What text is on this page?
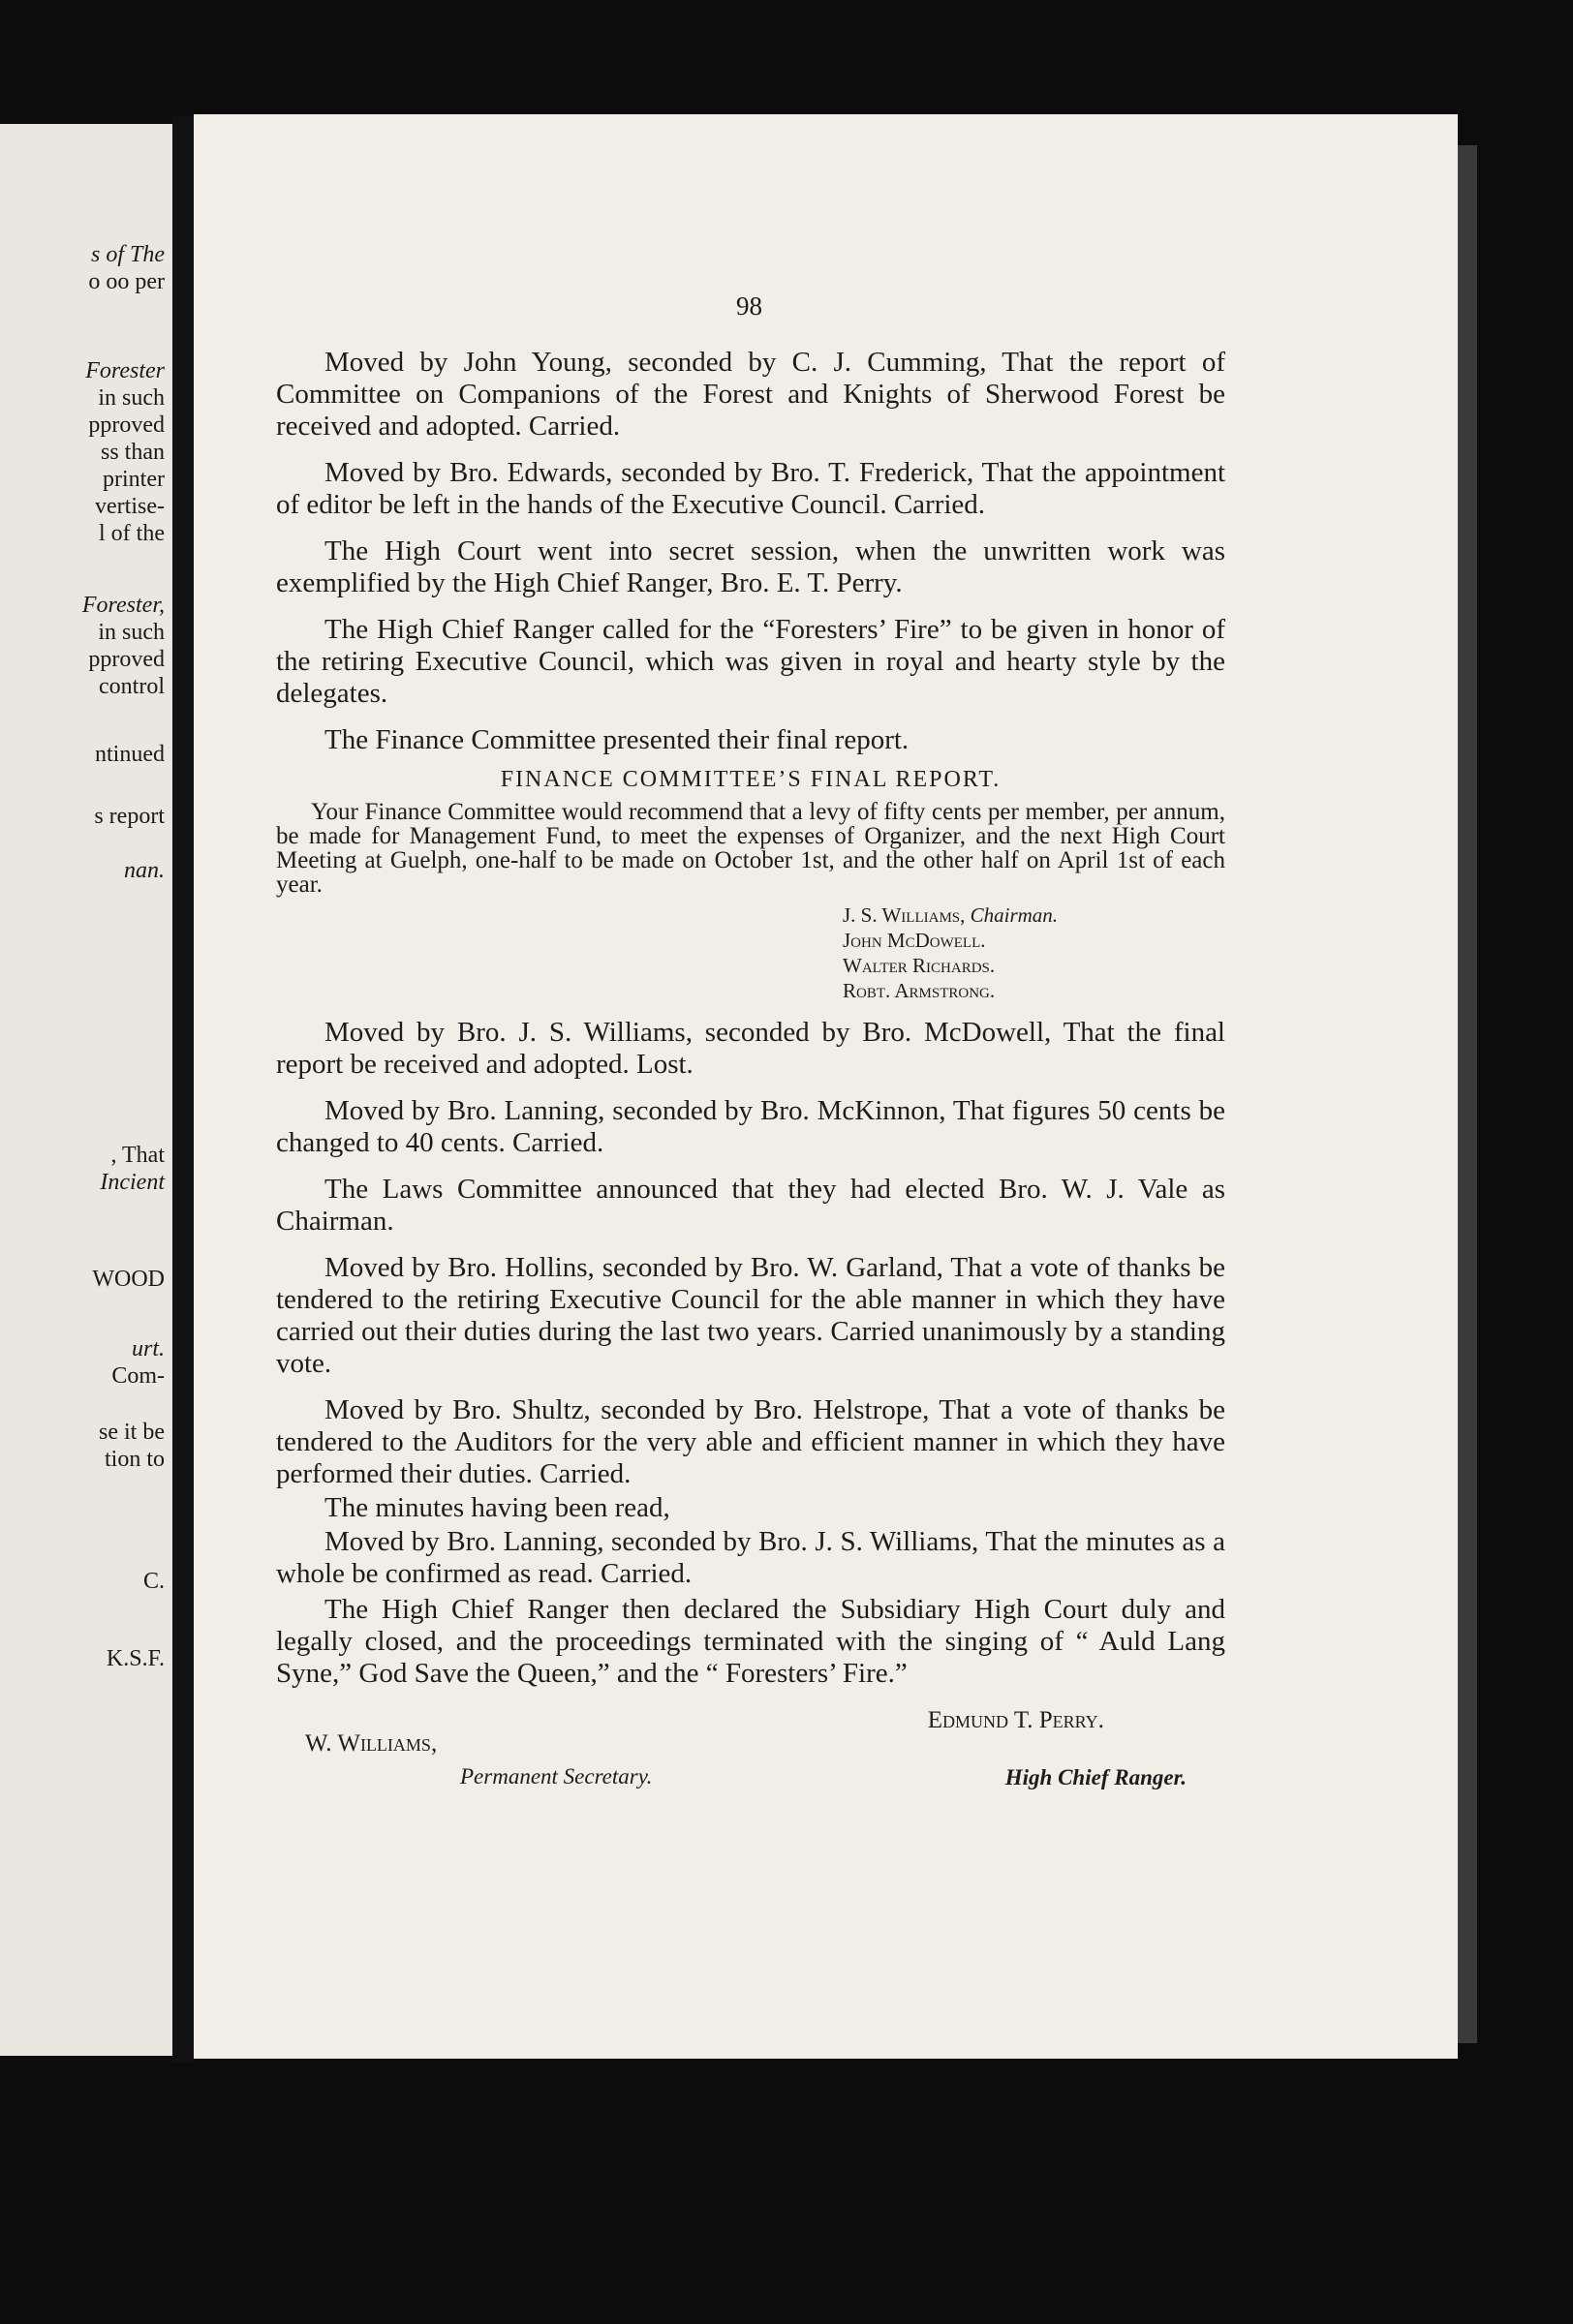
s of The
o oo per
Forester
in such
pproved
ss than
printer
vertise-
l of the
Forester,
in such
pproved
control
ntinued
s report
nan.
, That
Incient
WOOD
urt.
Com-
se it be
tion to
C.
K.S.F.
98

Moved by John Young, seconded by C. J. Cumming, That the report of Committee on Companions of the Forest and Knights of Sherwood Forest be received and adopted. Carried.

Moved by Bro. Edwards, seconded by Bro. T. Frederick, That the appointment of editor be left in the hands of the Executive Council. Carried.

The High Court went into secret session, when the unwritten work was exemplified by the High Chief Ranger, Bro. E. T. Perry.

The High Chief Ranger called for the “Foresters’ Fire” to be given in honor of the retiring Executive Council, which was given in royal and hearty style by the delegates.

The Finance Committee presented their final report.

FINANCE COMMITTEE’S FINAL REPORT.

Your Finance Committee would recommend that a levy of fifty cents per member, per annum, be made for Management Fund, to meet the expenses of Organizer, and the next High Court Meeting at Guelph, one-half to be made on October 1st, and the other half on April 1st of each year.

J. S. Williams, Chairman.
John McDowell.
Walter Richards.
Robt. Armstrong.

Moved by Bro. J. S. Williams, seconded by Bro. McDowell, That the final report be received and adopted. Lost.

Moved by Bro. Lanning, seconded by Bro. McKinnon, That figures 50 cents be changed to 40 cents. Carried.

The Laws Committee announced that they had elected Bro. W. J. Vale as Chairman.

Moved by Bro. Hollins, seconded by Bro. W. Garland, That a vote of thanks be tendered to the retiring Executive Council for the able manner in which they have carried out their duties during the last two years. Carried unanimously by a standing vote.

Moved by Bro. Shultz, seconded by Bro. Helstrope, That a vote of thanks be tendered to the Auditors for the very able and efficient manner in which they have performed their duties. Carried.

The minutes having been read,

Moved by Bro. Lanning, seconded by Bro. J. S. Williams, That the minutes as a whole be confirmed as read. Carried.

The High Chief Ranger then declared the Subsidiary High Court duly and legally closed, and the proceedings terminated with the singing of “ Auld Lang Syne,” God Save the Queen,” and the “ Foresters’ Fire.”

W. Williams,
Permanent Secretary.
Edmund T. Perry.
High Chief Ranger.
